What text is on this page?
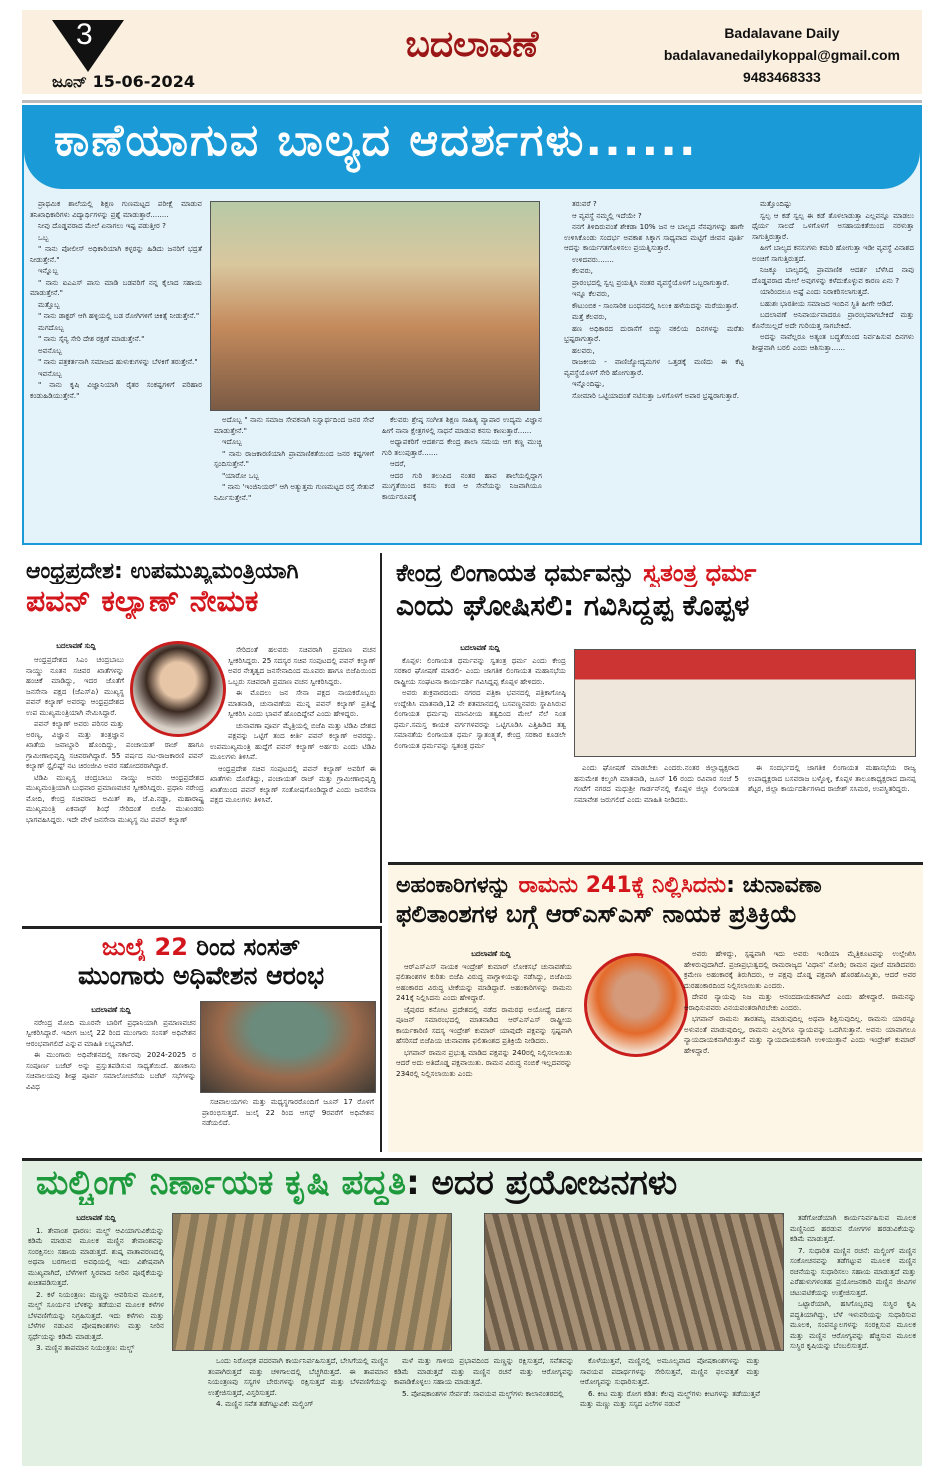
3
ಜೂನ್ 15-06-2024
ಬದಲಾವಣೆ	Badalavane Daily
badalavanedailykoppal@gmail.com
9483468333
ಕಾಣೆಯಾಗುವ ಬಾಲ್ಯದ ಆದರ್ಶಗಳು......

ಪ್ರಾಥಮಿಕ ಶಾಲೆಯಲ್ಲಿ ಶಿಕ್ಷಣ ಗುಣಮಟ್ಟದ ಪರೀಕ್ಷೆ ಮಾಡುವ ತನಿಖಾಧಿಕಾರಿಗಳು ವಿದ್ಯಾರ್ಥಿಗಳನ್ನು ಪ್ರಶ್ನೆ ಮಾಡುತ್ತಾರೆ........

ನೀವು ದೊಡ್ಡವರಾದ ಮೇಲೆ ಏನಾಗಲು ಇಷ್ಟ ಪಡುತ್ತೀರ ?

ಒಬ್ಬ

" ನಾನು ಪೋಲೀಸ್ ಅಧಿಕಾರಿಯಾಗಿ ಕಳ್ಳರನ್ನು ಹಿಡಿದು ಜನರಿಗೆ ಭದ್ರತೆ ನೀಡುತ್ತೇನೆ."

ಇನ್ನೊಬ್ಬ

" ನಾನು ಐಎಎಸ್ ಪಾಸು ಮಾಡಿ ಬಡವರಿಗೆ ನನ್ನ ಕೈಲಾದ ಸಹಾಯ ಮಾಡುತ್ತೇನೆ."

ಮತ್ತೊಬ್ಬ

" ನಾನು ಡಾಕ್ಟರ್ ಆಗಿ ಹಳ್ಳಿಯಲ್ಲಿ ಬಡ ರೋಗಿಗಳಿಗೆ ಚಿಕಿತ್ಸೆ ನೀಡುತ್ತೇನೆ."

ಮಗದೊಬ್ಬ

" ನಾನು ಸೈನ್ಯ ಸೇರಿ ದೇಶ ರಕ್ಷಣೆ ಮಾಡುತ್ತೇನೆ."

ಅವನೊಬ್ಬ

" ನಾನು ಪತ್ರಕರ್ತನಾಗಿ ಸಮಾಜದ ಹುಳುಕುಗಳನ್ನು ಬೆಳಕಿಗೆ ತರುತ್ತೇನೆ."

ಇವನೊಬ್ಬ

" ನಾನು ಕೃಷಿ ವಿಜ್ಞಾನಿಯಾಗಿ ರೈತರ ಸಂಕಷ್ಟಗಳಿಗೆ ಪರಿಹಾರ ಕಂಡುಹಿಡಿಯುತ್ತೇನೆ."

ಅದೊಬ್ಬ " ನಾನು ಸಮಾಜ ಸೇವಕನಾಗಿ ನಿಸ್ವಾರ್ಥದಿಂದ ಜನರ ಸೇವೆ ಮಾಡುತ್ತೇನೆ."

ಇದೊಬ್ಬ

" ನಾನು ರಾಜಕಾರಣಿಯಾಗಿ ಪ್ರಾಮಾಣಿಕತೆಯಿಂದ ಜನರ ಕಷ್ಟಗಳಿಗೆ ಸ್ಪಂದಿಸುತ್ತೇನೆ."

"ಯಾರೋ ಒಬ್ಬ

" ನಾನು 'ಇಂಜಿನಿಯರ್' ಆಗಿ ಅತ್ಯುತ್ತಮ ಗುಣಮಟ್ಟದ ರಸ್ತೆ ಸೇತುವೆ ನಿರ್ಮಿಸುತ್ತೇನೆ."

ಕೆಲವರು ಶ್ರೇಷ್ಠ ಸಂಗೀತ ಶಿಕ್ಷಣ ಸಾಹಿತ್ಯ ವ್ಯಾಪಾರ ಉದ್ಯಮ ವಿಜ್ಞಾನ ಹೀಗೆ ನಾನಾ ಕ್ಷೇತ್ರಗಳಲ್ಲಿ ಸಾಧನೆ ಮಾಡುವ ಕನಸು ಕಾಣುತ್ತಾರೆ......

ಅಧ್ಯಾಪಕರಿಗೆ ಆದರ್ಶದ ಕೇಂದ್ರ ಶಾಲಾ ಸಮಯ ಆಗ ಕಣ್ಣ ಮುಚ್ಚಿ ಗುರಿ ತಲುಪುತ್ತಾರೆ.......

ಆದರೆ,

ಆದರ ಗುರಿ ತಲುಪಿದ ನಂತರ ಹಾವ ಶಾಲೆಯಲ್ಲಿದ್ದಾಗ ಮುಗ್ಧತೆಯಿಂದ ಕನಸು ಕಂಡ ಆ ಸೇವೆಯನ್ನು ನಿಜವಾಗಿಯೂ ಕಾರ್ಯರೂಪಕ್ಕೆ

ತರುವರೆ ?

ಆ ವ್ಯವಸ್ಥೆ ನಮ್ಮಲ್ಲಿ ಇದೆಯೇ ?

ನನಗೆ ತಿಳಿದಿರುವಂತೆ ಶೇಕಡಾ 10% ಜನ ಆ ಬಾಲ್ಯದ ನೆನಪುಗಳನ್ನು ಹಾಗೇ ಉಳಿಸಿಕೊಂಡು ಸಂದರ್ಭ ಅವಕಾಶ ಸಿಕ್ಕಾಗ ಸಾಧ್ಯವಾದ ಮಟ್ಟಿಗೆ ಜೀವನ ಪೂರ್ತಿ ಆದನ್ನು ಕಾರ್ಯಗತಗೊಳಿಸಲು ಪ್ರಯತ್ನಿಸುತ್ತಾರೆ.

ಉಳಿದವರು.......

ಕೆಲವರು,

ಪ್ರಾರಂಭದಲ್ಲಿ ಸ್ವಲ್ಪ ಪ್ರಯತ್ನಿಸಿ ನಂತರ ವ್ಯವಸ್ಥೆಯೊಳಗೆ ಒಬ್ಬರಾಗುತ್ತಾರೆ.

ಇನ್ನೂ ಕೆಲವರು,

ಕೌಟುಂಬಿಕ - ಸಾಂಸಾರಿಕ ಬಂಧನದಲ್ಲಿ ಸಿಲುಕಿ ಹಳೆಯದನ್ನು ಮರೆಯುತ್ತಾರೆ.

ಮತ್ತೆ ಕೆಲವರು,

ಹಣ ಅಧಿಕಾರದ ದುರಾಸೆಗೆ ಬಿದ್ದು ನಕಲಿಯ ದಿನಗಳನ್ನು ಮರೆತು ಭ್ರಷ್ಟರಾಗುತ್ತಾರೆ.

ಹಲವರು,

ರಾಜಕೀಯ - ವಾಣಿಜ್ಯೋದ್ಯಮಗಳ ಒತ್ತಡಕ್ಕೆ ಮಣಿದು ಈ ಕೆಟ್ಟ ವ್ಯವಸ್ಥೆಯೊಳಗೆ ಸೇರಿ ಹೋಗುತ್ತಾರೆ.

ಇನ್ನೊಂದಿಷ್ಟು,

ಸೋಮಾರಿ ಒಟ್ಟಿಯಾದಂತೆ ನಟಿಸುತ್ತಾ ಒಳಗೊಳಗೆ ಅಪಾರ ಭ್ರಷ್ಟರಾಗುತ್ತಾರೆ.

ಮತ್ತೊಂದಿಷ್ಟು

ಸ್ವಲ್ಪ ಆ ಕಡೆ ಸ್ವಲ್ಪ ಈ ಕಡೆ ತೊಳಲಾಡುತ್ತಾ ಎಲ್ಲವನ್ನೂ ಮಾಡಲು ಧೈರ್ಯ ಸಾಲದೆ ಒಳಗೊಳಗೆ ಅಸಹಾಯಕತೆಯಿಂದ ನರಳುತ್ತಾ ಸಾಗುತ್ತಿರುತ್ತಾರೆ.

ಹೀಗೆ ಬಾಲ್ಯದ ಕನಸುಗಳು ಕಮರಿ ಹೋಗುತ್ತಾ ಇಡೀ ವ್ಯವಸ್ಥೆ ವಿನಾಶದ ಅಂಚಿಗೆ ಸಾಗುತ್ತಿರುತ್ತದೆ.

ನಿಜಕ್ಕೂ ಬಾಲ್ಯದಲ್ಲಿ ಪ್ರಾಮಾಣಿಕ ಆದರ್ಶ ಬೆಳೆಸಿದ ನಾವು ದೊಡ್ಡವರಾದ ಮೇಲೆ ಅವುಗಳನ್ನು ಕಳೆದುಕೊಳ್ಳುವ ಕಾರಣ ಏನು ?

ಯಾರಿಂದಲೂ ಅಷ್ಟೆ ಎಂದು ನಿರಾಕರಿಸಲಾಗುತ್ತದೆ.

ಬಹುಶಃ ಭಾರತೀಯ ಸಮಾಜದ ಇಂದಿನ ಸ್ಥಿತಿ ಹೀಗೇ ಆಡಿದೆ.

ಬದಲಾವಣೆ ಅನಿವಾರ್ಯವಾದರೂ ಪ್ರಾರಂಭವಾಗಬೇಕಿದೆ ಮತ್ತು ಕೊನೆಯಿಲ್ಲದೆ ಅದೇ ಗುರಿಯತ್ತ ಸಾಗಬೇಕಿದೆ.

ಅದನ್ನು ನಾವೆಲ್ಲರೂ ಅತ್ಯಂತ ಬದ್ಧತೆಯಿಂದ ನಿರ್ವಹಿಸುವ ದಿನಗಳು ಶೀಘ್ರವಾಗಿ ಬರಲಿ ಎಂದು ಆಶಿಸುತ್ತಾ......

ಆಂಧ್ರಪ್ರದೇಶ: ಉಪಮುಖ್ಯಮಂತ್ರಿಯಾಗಿ
ಪವನ್ ಕಲ್ಯಾಣ್ ನೇಮಕ
ಬದಲಾವಣೆ ಸುದ್ದಿ

ಆಂಧ್ರಪ್ರದೇಶದ ಸಿಎಂ ಚಂದ್ರಬಾಬು ನಾಯ್ಡು ನೂತನ ಸಚಿವರ ಖಾತೆಗಳನ್ನು ಹಂಚಿಕೆ ಮಾಡಿದ್ದು, ಇದರ ಜೊತೆಗೆ ಜನಸೇನಾ ಪಕ್ಷದ (ಜೆಎಸ್‌ಪಿ) ಮುಖ್ಯಸ್ಥ ಪವನ್ ಕಲ್ಯಾಣ್ ಅವರನ್ನು ಆಂಧ್ರಪ್ರದೇಶದ ಉಪ ಮುಖ್ಯಮಂತ್ರಿಯಾಗಿ ನೇಮಿಸಿದ್ದಾರೆ.

ಪವನ್ ಕಲ್ಯಾಣ್ ಅವರು ಪರಿಸರ ಮತ್ತು ಅರಣ್ಯ, ವಿಜ್ಞಾನ ಮತ್ತು ತಂತ್ರಜ್ಞಾನ ಖಾತೆಯ ಜವಾಬ್ದಾರಿ ಹೊಂದಿದ್ದು, ಪಂಚಾಯತ್ ರಾಜ್ ಹಾಗೂ ಗ್ರಾಮೀಣಾಭಿವೃದ್ಧಿ ಸಚಿವರಾಗಿದ್ದಾರೆ. 55 ವರ್ಷದ ನಟ-ರಾಜಕಾರಣಿ ಪವನ್ ಕಲ್ಯಾಣ್ ಸ್ಟೈಲಿಷ್ಟ್ ನಟ ಚಿರಂಜೀವಿ ಅವರ ಸಹೋದರರಾಗಿದ್ದಾರೆ.

ಟಿಡಿಪಿ ಮುಖ್ಯಸ್ಥ ಚಂದ್ರಬಾಬು ನಾಯ್ಡು ಅವರು ಆಂಧ್ರಪ್ರದೇಶದ ಮುಖ್ಯಮಂತ್ರಿಯಾಗಿ ಬುಧವಾರ ಪ್ರಮಾಣವಚನ ಸ್ವೀಕರಿಸಿದ್ದರು. ಪ್ರಧಾನಿ ನರೇಂದ್ರ ಮೋದಿ, ಕೇಂದ್ರ ಸಚಿವರಾದ ಅಮಿತ್ ಶಾ, ಜೆ.ಪಿ.ನಡ್ಡಾ, ಮಹಾರಾಷ್ಟ್ರ ಮುಖ್ಯಮಂತ್ರಿ ಏಕನಾಥ್ ಶಿಂಧೆ ಸೇರಿದಂತೆ ಬಿಜೆಪಿ ಮುಖಂಡರು ಭಾಗವಹಿಸಿದ್ದರು. ಇದೇ ವೇಳೆ ಜನಸೇನಾ ಮುಖ್ಯಸ್ಥ ನಟ ಪವನ್ ಕಲ್ಯಾಣ್

ಸೇರಿದಂತೆ ಹಲವರು ಸಚಿವರಾಗಿ ಪ್ರಮಾಣ ವಚನ ಸ್ವೀಕರಿಸಿದ್ದರು. 25 ಸದಸ್ಯರ ಸಚಿವ ಸಂಪುಟದಲ್ಲಿ ಪವನ್ ಕಲ್ಯಾಣ್ ಅವರ ನೇತೃತ್ವದ ಜನಸೇನಾದಿಂದ ಮೂವರು ಹಾಗೂ ಬಿಜೆಪಿಯಿಂದ ಒಬ್ಬರು ಸಚಿವರಾಗಿ ಪ್ರಮಾಣ ವಚನ ಸ್ವೀಕರಿಸಿದ್ದರು.

ಈ ಮೊದಲು ಜನ ಸೇನಾ ಪಕ್ಷದ ನಾಯಕರೊಬ್ಬರು ಮಾತನಾಡಿ, ಚುನಾವಣೆಯ ಮುನ್ನ ಪವನ್ ಕಲ್ಯಾಣ್ ಪ್ರತಿಜ್ಞೆ ಸ್ವೀಕರಿಸಿ ಎಂದು ಭಾವನೆ ಹೊಂದಿದ್ದೇವೆ ಎಂದು ಹೇಳಿದ್ದರು.

ಚುನಾವಣಾ ಪೂರ್ವ ಮೈತ್ರಿಯಲ್ಲಿ ಬಿಜೆಪಿ ಮತ್ತು ಟಿಡಿಪಿ ದೇಶದ ಪಕ್ಷವನ್ನು ಒಟ್ಟಿಗೆ ತಂದ ಕೀರ್ತಿ ಪವನ್ ಕಲ್ಯಾಣ್ ಅವರದ್ದು. ಉಪಮುಖ್ಯಮಂತ್ರಿ ಹುದ್ದೆಗೆ ಪವನ್ ಕಲ್ಯಾಣ್ ಅರ್ಹರು ಎಂದು ಟಿಡಿಪಿ ಮೂಲಗಳು ತಿಳಿಸಿವೆ.

ಆಂಧ್ರಪ್ರದೇಶ ಸಚಿವ ಸಂಪುಟದಲ್ಲಿ ಪವನ್ ಕಲ್ಯಾಣ್ ಅವರಿಗೆ ಈ ಖಾತೆಗಳು ದೊರೆತಿದ್ದು, ಪಂಚಾಯತ್ ರಾಜ್ ಮತ್ತು ಗ್ರಾಮೀಣಾಭಿವೃದ್ಧಿ ಖಾತೆಯಿಂದ ಪವನ್ ಕಲ್ಯಾಣ್ ಸಂತೋಷಗೊಂಡಿದ್ದಾರೆ ಎಂದು ಜನಸೇನಾ ಪಕ್ಷದ ಮೂಲಗಳು ತಿಳಿಸಿವೆ.

ಕೇಂದ್ರ ಲಿಂಗಾಯತ ಧರ್ಮವನ್ನು ಸ್ವತಂತ್ರ ಧರ್ಮ
ಎಂದು ಘೋಷಿಸಲಿ: ಗವಿಸಿದ್ದಪ್ಪ ಕೊಪ್ಪಳ
ಬದಲಾವಣೆ ಸುದ್ದಿ

ಕೊಪ್ಪಳ: ಲಿಂಗಾಯತ ಧರ್ಮವನ್ನು ಸ್ವತಂತ್ರ ಧರ್ಮ ಎಂದು ಕೇಂದ್ರ ಸರಕಾರ ಘೋಷಣೆ ಮಾಡಲಿ- ಎಂದು ಜಾಗತಿಕ ಲಿಂಗಾಯತ ಮಹಾಸಭೆಯ ರಾಷ್ಟ್ರೀಯ ಸಂಘಟನಾ ಕಾರ್ಯದರ್ಶಿ ಗವಿಸಿದ್ದಪ್ಪ ಕೊಪ್ಪಳ ಹೇಳಿದರು.

ಅವರು ಶುಕ್ರವಾರದಂದು ನಗರದ ಪತ್ರಿಕಾ ಭವನದಲ್ಲಿ ಪತ್ರಿಕಾಗೋಷ್ಠಿ ಉದ್ದೇಶಿಸಿ ಮಾತನಾಡಿ,12 ನೇ ಶತಮಾನದಲ್ಲಿ ಬಸವಣ್ಣನವರು ಸ್ಥಾಪಿಸಿರುವ ಲಿಂಗಾಯತ ಧರ್ಮವು ಮಾನವೀಯ ತತ್ವದಿಂದ ಮೇಲೆ ನೆಲೆ ನಿಂತ ಧರ್ಮ.ಸಮಸ್ತ ಕಾಯಕ ವರ್ಗಗಳವರನ್ನು ಒಟ್ಟಿಗೂಡಿಸಿ ಎತ್ತಿಹಿಡಿದ ತತ್ವ ಸಮಾನತೆಯ ಲಿಂಗಾಯತ ಧರ್ಮ ಸ್ವಾತಂತ್ರ್ಯತೆ, ಕೇಂದ್ರ ಸರಕಾರ ಕೂಡಲೇ ಲಿಂಗಾಯತ ಧರ್ಮವನ್ನು ಸ್ವತಂತ್ರ ಧರ್ಮ

ಎಂದು ಘೋಷಣೆ ಮಾಡಬೇಕು ಎಂದರು.ನಂತರ ಜಿಲ್ಲಾಧ್ಯಕ್ಷರಾದ ಹನುಮೇಶ ಕಲ್ಮಂಗಿ ಮಾತನಾಡಿ, ಜೂನ್ 16 ರಂದು ರವಿವಾರ ಸಂಜೆ 5 ಗಂಟೆಗೆ ನಗರದ ಮಧುಶ್ರೀ ಗಾರ್ಡನ್‌ನಲ್ಲಿ ಕೊಪ್ಪಳ ಜಿಲ್ಲಾ ಲಿಂಗಾಯತ ಸಮಾವೇಶ ಜರುಗಲಿದೆ ಎಂದು ಮಾಹಿತಿ ನೀಡಿದರು.

ಈ ಸಂದರ್ಭದಲ್ಲಿ ಜಾಗತಿಕ ಲಿಂಗಾಯತ ಮಹಾಸಭೆಯ ರಾಜ್ಯ ಉಪಾಧ್ಯಕ್ಷರಾದ ಬಸವರಾಜ ಬಳ್ಳೊಳ್ಳಿ, ಕೊಪ್ಪಳ ತಾಲೂಕಾಧ್ಯಕ್ಷರಾದ ದಾನಪ್ಪ ಶೆಟ್ಟರ, ಜಿಲ್ಲಾ ಕಾರ್ಯದರ್ಶಿಗಳಾದ ರಾಜೇಶ್ ಸಸಿಮಠ, ಉಪಸ್ಥಿತರಿದ್ದರು.

ಜುಲೈ 22 ರಿಂದ ಸಂಸತ್
ಮುಂಗಾರು ಅಧಿವೇಶನ ಆರಂಭ
ಬದಲಾವಣೆ ಸುದ್ದಿ

ನರೇಂದ್ರ ಮೋದಿ ಮೂರನೇ ಬಾರಿಗೆ ಪ್ರಧಾನಿಯಾಗಿ ಪ್ರಮಾಣವಚನ ಸ್ವೀಕರಿಸಿದ್ದಾರೆ. ಇದೀಗ ಜುಲೈ 22 ರಿಂದ ಮುಂಗಾರು ಸಂಸತ್ ಅಧಿವೇಶನ ಆರಂಭವಾಗಲಿದೆ ಎನ್ನುವ ಮಾಹಿತಿ ಲಭ್ಯವಾಗಿದೆ.

ಈ ಮುಂಗಾರು ಅಧಿವೇಶನದಲ್ಲಿ ಸರ್ಕಾರವು 2024-2025 ರ ಸಂಪೂರ್ಣ ಬಜೆಟ್ ಅನ್ನು ಪ್ರಸ್ತುತಪಡಿಸುವ ಸಾಧ್ಯತೆಯಿದೆ. ಹಣಕಾಸು ಸಚಿವಾಲಯವು ಶೀಘ್ರ ಪೂರ್ವ ಸಮಾಲೋಚನೆಯ ಬಜೆಟ್ ಸಭೆಗಳನ್ನು ವಿವಿಧ

ಸಚಿವಾಲಯಗಳು ಮತ್ತು ಮಧ್ಯಸ್ಥಗಾರರೊಂದಿಗೆ ಜೂನ್ 17 ರೊಳಗೆ ಪ್ರಾರಂಭಿಸುತ್ತದೆ. ಜುಲೈ 22 ರಿಂದ ಆಗಸ್ಟ್ 9ರವರೆಗೆ ಅಧಿವೇಶನ ನಡೆಯಲಿದೆ.

ಅಹಂಕಾರಿಗಳನ್ನು ರಾಮನು 241ಕ್ಕೆ ನಿಲ್ಲಿಸಿದನು: ಚುನಾವಣಾ
ಫಲಿತಾಂಶಗಳ ಬಗ್ಗೆ ಆರ್‌ಎಸ್‌ಎಸ್ ನಾಯಕ ಪ್ರತಿಕ್ರಿಯೆ
ಬದಲಾವಣೆ ಸುದ್ದಿ

ಆರ್‌ಎಸ್ಎಸ್ ನಾಯಕ ಇಂದ್ರೇಶ್ ಕುಮಾರ್ ಲೋಕಸಭೆ ಚುನಾವಣೆಯ ಫಲಿತಾಂಶಗಳ ಕುರಿತು ಬಿಜೆಪಿ ವಿರುದ್ಧ ವಾಗ್ದಾಳಿಯನ್ನು ನಡೆಸಿದ್ದು, ಬಿಜೆಪಿಯ ಅಹಂಕಾರದ ವಿರುದ್ಧ ಟೀಕೆಯನ್ನು ಮಾಡಿದ್ದಾರೆ. ಅಹಂಕಾರಿಗಳನ್ನು ರಾಮನು 241ಕ್ಕೆ ನಿಲ್ಲಿಸಿದನು ಎಂದು ಹೇಳಿದ್ದಾರೆ.

ಜೈಪುರದ ಕನೋಟ ಪ್ರದೇಶದಲ್ಲಿ ನಡೆದ ರಾಮರಥ ಅಯೋಧ್ಯೆ ದರ್ಶನ ಪೂಜನ್ ಸಮಾರಂಭದಲ್ಲಿ ಮಾತನಾಡಿದ ಆರ್‌ಎಸ್‌ಎಸ್ ರಾಷ್ಟ್ರೀಯ ಕಾರ್ಯಕಾರಿಣಿ ಸದಸ್ಯ ಇಂದ್ರೇಶ್ ಕುಮಾರ್ ಯಾವುದೇ ಪಕ್ಷವನ್ನು ಸ್ಪಷ್ಟವಾಗಿ ಹೆಸರಿಸದೆ ಬಿಜೆಪಿಯ ಚುನಾವಣಾ ಫಲಿತಾಂಶದ ಪ್ರತಿಕ್ರಿಯೆ ನೀಡಿದರು.

ಭಗವಾನ್ ರಾಮನ ಪ್ರಭುತ್ವ ಮಾಡಿದ ಪಕ್ಷವನ್ನು 240ರಲ್ಲಿ ನಿಲ್ಲಿಸಲಾಯಿತು ಆದರೆ ಅದು ಅತಿದೊಡ್ಡ ಪಕ್ಷವಾಯಿತು. ರಾಮನ ವಿರುದ್ಧ ನಂಬಿಕೆ ಇಲ್ಲದವರನ್ನು 234ರಲ್ಲಿ ನಿಲ್ಲಿಸಲಾಯಿತು ಎಂದು

ಅವರು ಹೇಳಿದ್ದು, ಸ್ಪಷ್ಟವಾಗಿ ಇದು ಅವರು ಇಂಡಿಯಾ ಮೈತ್ರಿಕೂಟವನ್ನು ಉಲ್ಲೇಖಿಸಿ ಹೇಳಿರುವುದಾಗಿದೆ. ಪ್ರಜಾಪ್ರಭುತ್ವದಲ್ಲಿ ರಾಮರಾಜ್ಯದ 'ವಿಧಾನ' ನೋಡಿ; ರಾಮನ ಪೂಜೆ ಮಾಡಿದವರು ಕ್ರಮೇಣ ಅಹಂಕಾರಕ್ಕೆ ತಿರುಗಿದರು, ಆ ಪಕ್ಷವು ದೊಡ್ಡ ಪಕ್ಷವಾಗಿ ಹೊರಹೊಮ್ಮಿತು, ಆದರೆ ಅವರ ದುರಹಂಕಾರದಿಂದ ನಿಲ್ಲಿಸಲಾಯಿತು ಎಂದರು.

ದೇವರ ನ್ಯಾಯವು ನಿಜ ಮತ್ತು ಆನಂದದಾಯಕವಾಗಿದೆ ಎಂದು ಹೇಳಿದ್ದಾರೆ. ರಾಮನನ್ನು ಆರಾಧಿಸುವವರು ವಿನಯವಂತರಾಗಿರಬೇಕು ಎಂದರು.

ಭಗವಾನ್ ರಾಮನು ತಾರತಮ್ಯ ಮಾಡುವುದಿಲ್ಲ ಅಥವಾ ಶಿಕ್ಷಿಸುವುದಿಲ್ಲ. ರಾಮನು ಯಾರನ್ನೂ ಅಳುವಂತೆ ಮಾಡುವುದಿಲ್ಲ, ರಾಮನು ಎಲ್ಲರಿಗೂ ನ್ಯಾಯವನ್ನು ಒದಗಿಸುತ್ತಾನೆ. ಅವನು ಯಾವಾಗಲೂ ನ್ಯಾಯದಾಯಕನಾಗಿರುತ್ತಾನೆ ಮತ್ತು ನ್ಯಾಯದಾಯಕನಾಗಿ ಉಳಿಯುತ್ತಾನೆ ಎಂದು ಇಂದ್ರೇಶ್ ಕುಮಾರ್ ಹೇಳಿದ್ದಾರೆ.

ಮಲ್ಚಿಂಗ್ ನಿರ್ಣಾಯಕ ಕೃಷಿ ಪದ್ಧತಿ: ಅದರ ಪ್ರಯೋಜನಗಳು
ಬದಲಾವಣೆ ಸುದ್ದಿ

1. ತೇವಾಂಶ ಧಾರಣ: ಮಲ್ಚ್ ಆವಿಯಾಗುವಿಕೆಯನ್ನು ಕಡಿಮೆ ಮಾಡುವ ಮೂಲಕ ಮಣ್ಣಿನ ತೇವಾಂಶವನ್ನು ಸಂರಕ್ಷಿಸಲು ಸಹಾಯ ಮಾಡುತ್ತದೆ. ಶುಷ್ಕ ವಾತಾವರಣದಲ್ಲಿ ಅಥವಾ ಬರಗಾಲದ ಅವಧಿಯಲ್ಲಿ ಇದು ವಿಶೇಷವಾಗಿ ಮುಖ್ಯವಾಗಿದೆ, ಬೆಳೆಗಳಿಗೆ ಸ್ಥಿರವಾದ ನೀರಿನ ಪೂರೈಕೆಯನ್ನು ಖಚಿತಪಡಿಸುತ್ತದೆ.

2. ಕಳೆ ನಿಯಂತ್ರಣ: ಮಣ್ಣನ್ನು ಆವರಿಸುವ ಮೂಲಕ, ಮಲ್ಚ್ ಸೂರ್ಯನ ಬೆಳಕನ್ನು ತಡೆಯುವ ಮೂಲಕ ಕಳೆಗಳ ಬೆಳವಣಿಗೆಯನ್ನು ನಿಗ್ರಹಿಸುತ್ತದೆ. ಇದು ಕಳೆಗಳು ಮತ್ತು ಬೆಳೆಗಳ ನಡುವಿನ ಪೋಷಕಾಂಶಗಳು ಮತ್ತು ನೀರಿನ ಸ್ಪರ್ಧೆಯನ್ನು ಕಡಿಮೆ ಮಾಡುತ್ತದೆ.

3. ಮಣ್ಣಿನ ತಾಪಮಾನ ನಿಯಂತ್ರಣ: ಮಲ್ಚ್

ಒಂದು ನಿರೋಧಕ ಪದರವಾಗಿ ಕಾರ್ಯನಿರ್ವಹಿಸುತ್ತದೆ, ಬೇಸಿಗೆಯಲ್ಲಿ ಮಣ್ಣಿನ ತಂಪಾಗಿರುತ್ತದೆ ಮತ್ತು ಚಳಿಗಾಲದಲ್ಲಿ ಬೆಚ್ಚಗಿರುತ್ತದೆ. ಈ ತಾಪಮಾನ ನಿಯಂತ್ರಣವು ಸಸ್ಯಗಳ ಬೇರುಗಳನ್ನು ರಕ್ಷಿಸುತ್ತದೆ ಮತ್ತು ಬೆಳವಣಿಗೆಯನ್ನು ಉತ್ತೇಜಿಸುತ್ತದೆ, ವಿಸ್ತರಿಸುತ್ತದೆ.

4. ಮಣ್ಣಿನ ಸವೆತ ತಡೆಗಟ್ಟುವಿಕೆ: ಮಲ್ಚಿಂಗ್

ಮಳೆ ಮತ್ತು ಗಾಳಿಯ ಪ್ರಭಾವದಿಂದ ಮಣ್ಣನ್ನು ರಕ್ಷಿಸುತ್ತದೆ, ಸವೆತವನ್ನು ಕಡಿಮೆ ಮಾಡುತ್ತದೆ ಮತ್ತು ಮಣ್ಣಿನ ರಚನೆ ಮತ್ತು ಆರೋಗ್ಯವನ್ನು ಕಾಪಾಡಿಕೊಳ್ಳಲು ಸಹಾಯ ಮಾಡುತ್ತದೆ.

5. ಪೋಷಕಾಂಶಗಳ ಸೇರ್ಪಡೆ: ಸಾವಯವ ಮಲ್ಚ್‌ಗಳು ಕಾಲಾನಂತರದಲ್ಲಿ

ಕೊಳೆಯುತ್ತವೆ, ಮಣ್ಣಿನಲ್ಲಿ ಅಮೂಲ್ಯವಾದ ಪೋಷಕಾಂಶಗಳನ್ನು ಮತ್ತು ಸಾವಯವ ಪದಾರ್ಥಗಳನ್ನು ಸೇರಿಸುತ್ತವೆ, ಮಣ್ಣಿನ ಫಲವತ್ತತೆ ಮತ್ತು ಆರೋಗ್ಯವನ್ನು ಸುಧಾರಿಸುತ್ತದೆ.

6. ಕೀಟ ಮತ್ತು ರೋಗ ಕಡಿತ: ಕೆಲವು ಮಲ್ಚ್‌ಗಳು ಕೀಟಗಳನ್ನು ತಡೆಯುತ್ತವೆ ಮತ್ತು ಮಣ್ಣು ಮತ್ತು ಸಸ್ಯದ ಎಲೆಗಳ ನಡುವೆ

ತಡೆಗೋಡೆಯಾಗಿ ಕಾರ್ಯನಿರ್ವಹಿಸುವ ಮೂಲಕ ಮಣ್ಣಿನಿಂದ ಹರಡುವ ರೋಗಗಳ ಹರಡುವಿಕೆಯನ್ನು ಕಡಿಮೆ ಮಾಡುತ್ತದೆ.

7. ಸುಧಾರಿತ ಮಣ್ಣಿನ ರಚನೆ: ಮಲ್ಚಿಂಗ್ ಮಣ್ಣಿನ ಸಂಕೋಚನವನ್ನು ತಡೆಗಟ್ಟುವ ಮೂಲಕ ಮಣ್ಣಿನ ರಚನೆಯನ್ನು ಸುಧಾರಿಸಲು ಸಹಾಯ ಮಾಡುತ್ತದೆ ಮತ್ತು ಎರೆಹುಳುಗಳಂತಹ ಪ್ರಯೋಜನಕಾರಿ ಮಣ್ಣಿನ ಜೀವಿಗಳ ಚಟುವಟಿಕೆಯನ್ನು ಉತ್ತೇಜಿಸುತ್ತದೆ.

ಒಟ್ಟಾರೆಯಾಗಿ, ಹಸಿಗೊಬ್ಬರವು ಸುಸ್ಥಿರ ಕೃಷಿ ಪದ್ಧತಿಯಾಗಿದ್ದು, ಬೆಳೆ ಇಳುವರಿಯನ್ನು ಸುಧಾರಿಸುವ ಮೂಲಕ, ಸಂಪನ್ಮೂಲಗಳನ್ನು ಸಂರಕ್ಷಿಸುವ ಮೂಲಕ ಮತ್ತು ಮಣ್ಣಿನ ಆರೋಗ್ಯವನ್ನು ಹೆಚ್ಚಿಸುವ ಮೂಲಕ ಸುಸ್ಥಿರ ಕೃಷಿಯನ್ನು ಬೆಂಬಲಿಸುತ್ತದೆ.
